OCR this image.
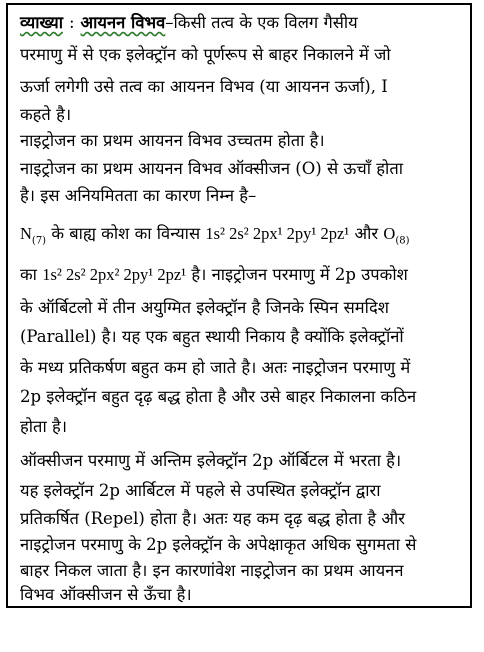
व्याख्या : आयनन विभव–किसी तत्व के एक विलग गैसीय
परमाणु में से एक इलेक्ट्रॉन को पूर्णरूप से बाहर निकालने में जो
ऊर्जा लगेगी उसे तत्व का आयनन विभव (या आयनन ऊर्जा), I
कहते है।
नाइट्रोजन का प्रथम आयनन विभव उच्चतम होता है।
नाइट्रोजन का प्रथम आयनन विभव ऑक्सीजन (O) से ऊचाँ होता
है। इस अनियमितता का कारण निम्न है–
$N_{(7)}$ के बाह्य कोश का विन्यास 1s² 2s² 2px¹ 2py¹ 2pz¹ और $O_{(8)}$
का 1s² 2s² 2px² 2py¹ 2pz¹ है। नाइट्रोजन परमाणु में 2p उपकोश
के ऑर्बिटलो में तीन अयुग्मित इलेक्ट्रॉन है जिनके स्पिन समदिश
(Parallel) है। यह एक बहुत स्थायी निकाय है क्योंकि इलेक्ट्रॉनों
के मध्य प्रतिकर्षण बहुत कम हो जाते है। अतः नाइट्रोजन परमाणु में
2p इलेक्ट्रॉन बहुत दृढ़ बद्ध होता है और उसे बाहर निकालना कठिन
होता है।
ऑक्सीजन परमाणु में अन्तिम इलेक्ट्रॉन 2p ऑर्बिटल में भरता है।
यह इलेक्ट्रॉन 2p आर्बिटल में पहले से उपस्थित इलेक्ट्रॉन द्वारा
प्रतिकर्षित (Repel) होता है। अतः यह कम दृढ़ बद्ध होता है और
नाइट्रोजन परमाणु के 2p इलेक्ट्रॉन के अपेक्षाकृत अधिक सुगमता से
बाहर निकल जाता है। इन कारणांवेश नाइट्रोजन का प्रथम आयनन
विभव ऑक्सीजन से ऊँचा है।
